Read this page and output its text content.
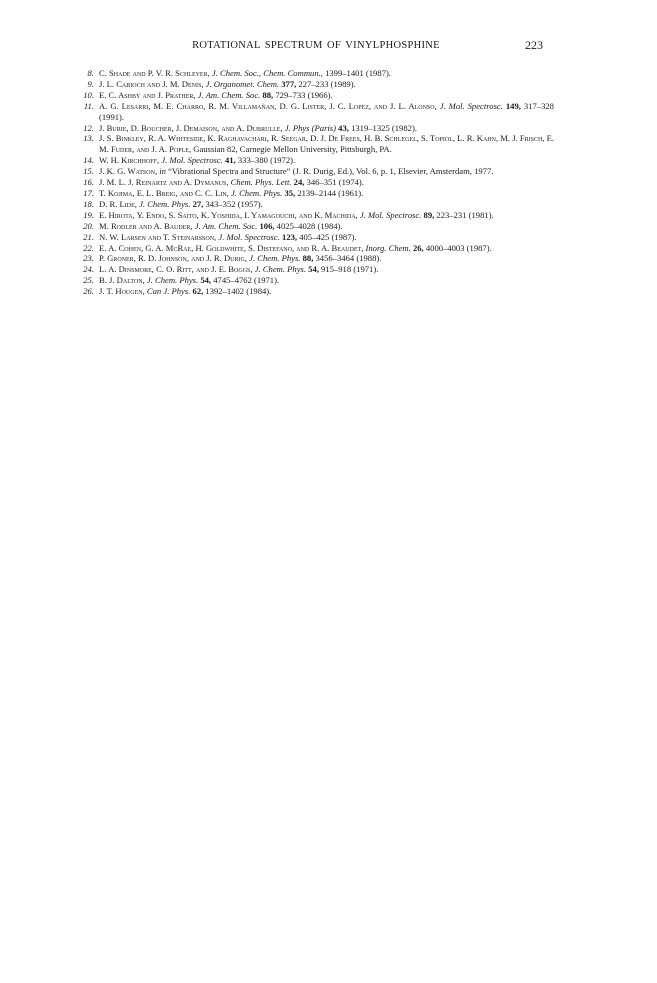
ROTATIONAL SPECTRUM OF VINYLPHOSPHINE	223
8. C. Shade and P. V. R. Schleyer, J. Chem. Soc., Chem. Commun., 1399–1401 (1987).
9. J. L. Cabioch and J. M. Denis, J. Organomet. Chem. 377, 227–233 (1989).
10. E. C. Ashby and J. Prather, J. Am. Chem. Soc. 88, 729–733 (1966).
11. A. G. Lesarri, M. E. Charro, R. M. Villamañan, D. G. Lister, J. C. Lopez, and J. L. Alonso, J. Mol. Spectrosc. 149, 317–328 (1991).
12. J. Burie, D. Boucher, J. Demaison, and A. Dubrulle, J. Phys (Paris) 43, 1319–1325 (1982).
13. J. S. Binkley, R. A. Whiteside, K. Raghavachari, R. Seegar, D. J. De Frees, H. B. Schlegel, S. Topiol, L. R. Kahn, M. J. Frisch, E. M. Fuder, and J. A. Pople, Gaussian 82, Carnegie Mellon University, Pittsburgh, PA.
14. W. H. Kirchhoff, J. Mol. Spectrosc. 41, 333–380 (1972).
15. J. K. G. Watson, in “Vibrational Spectra and Structure” (J. R. Durig, Ed.), Vol. 6, p. 1, Elsevier, Amsterdam, 1977.
16. J. M. L. J. Reinartz and A. Dymanus, Chem. Phys. Lett. 24, 346–351 (1974).
17. T. Kojima, E. L. Breig, and C. C. Lin, J. Chem. Phys. 35, 2139–2144 (1961).
18. D. R. Lide, J. Chem. Phys. 27, 343–352 (1957).
19. E. Hirota, Y. Endo, S. Saito, K. Yoshida, I. Yamagouchi, and K. Machida, J. Mol. Spectrosc. 89, 223–231 (1981).
20. M. Rodler and A. Bauder, J. Am. Chem. Soc. 106, 4025–4028 (1984).
21. N. W. Larsen and T. Steinarsson, J. Mol. Spectrosc. 123, 405–425 (1987).
22. E. A. Cohen, G. A. McRae, H. Goldwhite, S. Distefano, and R. A. Beaudet, Inorg. Chem. 26, 4000–4003 (1987).
23. P. Groner, R. D. Johnson, and J. R. Durig, J. Chem. Phys. 88, 3456–3464 (1988).
24. L. A. Dinsmore, C. O. Ritt, and J. E. Boggs, J. Chem. Phys. 54, 915–918 (1971).
25. B. J. Dalton, J. Chem. Phys. 54, 4745–4762 (1971).
26. J. T. Hougen, Can J. Phys. 62, 1392–1402 (1984).
